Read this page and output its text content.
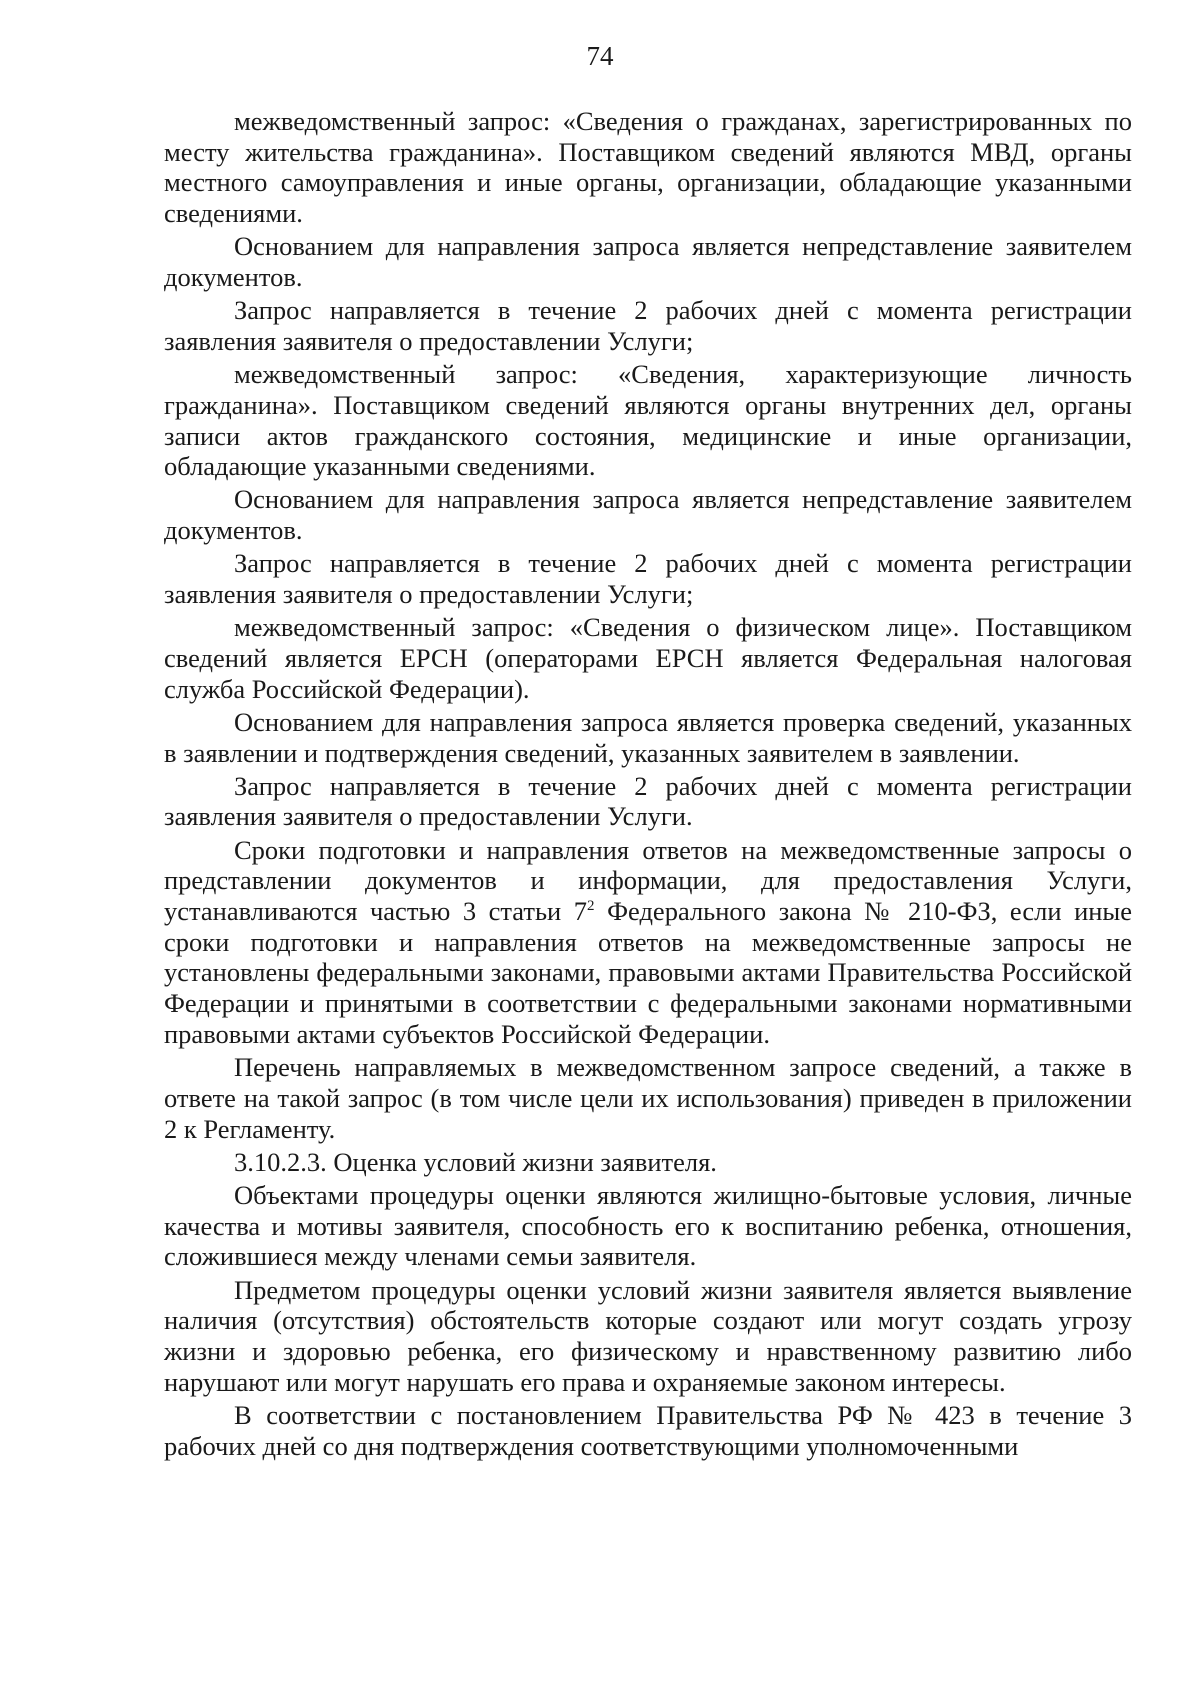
74

межведомственный запрос: «Сведения о гражданах, зарегистрированных по месту жительства гражданина». Поставщиком сведений являются МВД, органы местного самоуправления и иные органы, организации, обладающие указанными сведениями.

Основанием для направления запроса является непредставление заявителем документов.

Запрос направляется в течение 2 рабочих дней с момента регистрации заявления заявителя о предоставлении Услуги;

межведомственный запрос: «Сведения, характеризующие личность гражданина». Поставщиком сведений являются органы внутренних дел, органы записи актов гражданского состояния, медицинские и иные организации, обладающие указанными сведениями.

Основанием для направления запроса является непредставление заявителем документов.

Запрос направляется в течение 2 рабочих дней с момента регистрации заявления заявителя о предоставлении Услуги;

межведомственный запрос: «Сведения о физическом лице». Поставщиком сведений является ЕРСН (операторами ЕРСН является Федеральная налоговая служба Российской Федерации).

Основанием для направления запроса является проверка сведений, указанных в заявлении и подтверждения сведений, указанных заявителем в заявлении.

Запрос направляется в течение 2 рабочих дней с момента регистрации заявления заявителя о предоставлении Услуги.

Сроки подготовки и направления ответов на межведомственные запросы о представлении документов и информации, для предоставления Услуги, устанавливаются частью 3 статьи $7^2$ Федерального закона № 210-ФЗ, если иные сроки подготовки и направления ответов на межведомственные запросы не установлены федеральными законами, правовыми актами Правительства Российской Федерации и принятыми в соответствии с федеральными законами нормативными правовыми актами субъектов Российской Федерации.

Перечень направляемых в межведомственном запросе сведений, а также в ответе на такой запрос (в том числе цели их использования) приведен в приложении 2 к Регламенту.

3.10.2.3. Оценка условий жизни заявителя.

Объектами процедуры оценки являются жилищно-бытовые условия, личные качества и мотивы заявителя, способность его к воспитанию ребенка, отношения, сложившиеся между членами семьи заявителя.

Предметом процедуры оценки условий жизни заявителя является выявление наличия (отсутствия) обстоятельств которые создают или могут создать угрозу жизни и здоровью ребенка, его физическому и нравственному развитию либо нарушают или могут нарушать его права и охраняемые законом интересы.

В соответствии с постановлением Правительства РФ № 423 в течение 3 рабочих дней со дня подтверждения соответствующими уполномоченными
